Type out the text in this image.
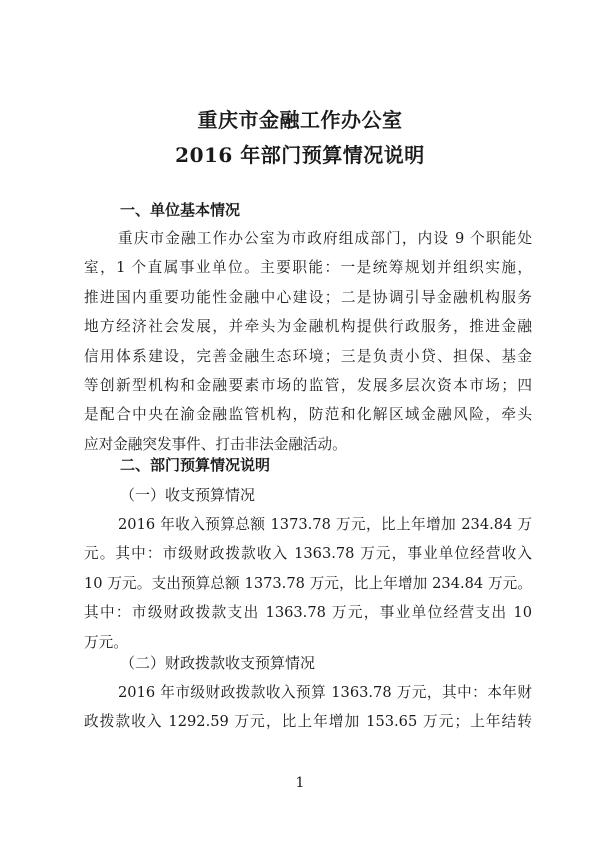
重庆市金融工作办公室
2016 年部门预算情况说明
一、单位基本情况
重庆市金融工作办公室为市政府组成部门，内设 9 个职能处
室，1 个直属事业单位。主要职能：一是统筹规划并组织实施，
推进国内重要功能性金融中心建设；二是协调引导金融机构服务
地方经济社会发展，并牵头为金融机构提供行政服务，推进金融
信用体系建设，完善金融生态环境；三是负责小贷、担保、基金
等创新型机构和金融要素市场的监管，发展多层次资本市场；四
是配合中央在渝金融监管机构，防范和化解区域金融风险，牵头
应对金融突发事件、打击非法金融活动。
二、部门预算情况说明
（一）收支预算情况
2016 年收入预算总额 1373.78 万元，比上年增加 234.84 万
元。其中：市级财政拨款收入 1363.78 万元，事业单位经营收入
10 万元。支出预算总额 1373.78 万元，比上年增加 234.84 万元。
其中：市级财政拨款支出 1363.78 万元，事业单位经营支出 10
万元。
（二）财政拨款收支预算情况
2016 年市级财政拨款收入预算 1363.78 万元，其中：本年财
政拨款收入 1292.59 万元，比上年增加 153.65 万元；上年结转
1
